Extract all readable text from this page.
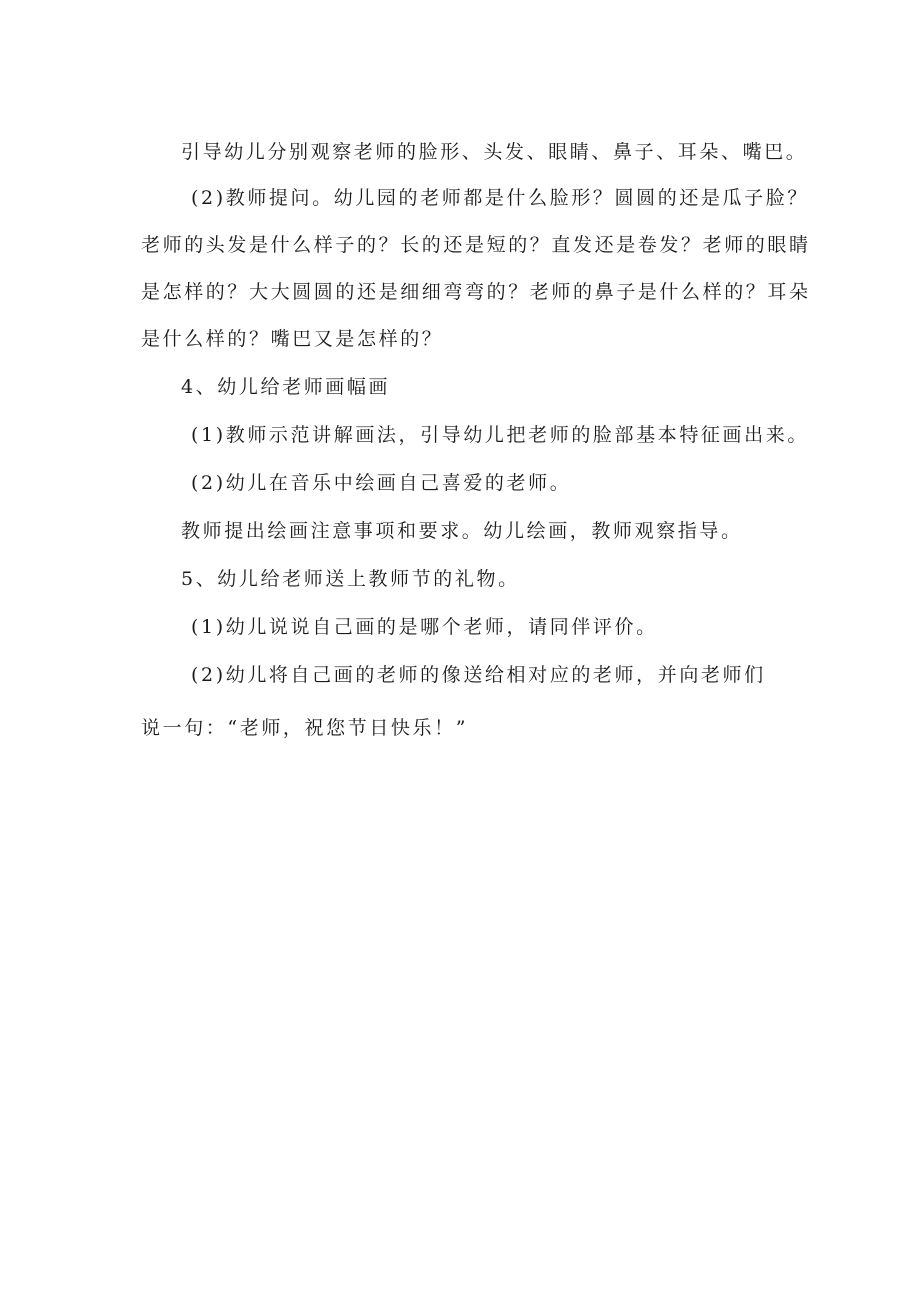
引导幼儿分别观察老师的脸形、头发、眼睛、鼻子、耳朵、嘴巴。
(2)教师提问。幼儿园的老师都是什么脸形？圆圆的还是瓜子脸？
老师的头发是什么样子的？长的还是短的？直发还是卷发？老师的眼睛
是怎样的？大大圆圆的还是细细弯弯的？老师的鼻子是什么样的？耳朵
是什么样的？嘴巴又是怎样的？
4、幼儿给老师画幅画
(1)教师示范讲解画法，引导幼儿把老师的脸部基本特征画出来。
(2)幼儿在音乐中绘画自己喜爱的老师。
教师提出绘画注意事项和要求。幼儿绘画，教师观察指导。
5、幼儿给老师送上教师节的礼物。
(1)幼儿说说自己画的是哪个老师，请同伴评价。
(2)幼儿将自己画的老师的像送给相对应的老师，并向老师们
说一句：“老师，祝您节日快乐！”
